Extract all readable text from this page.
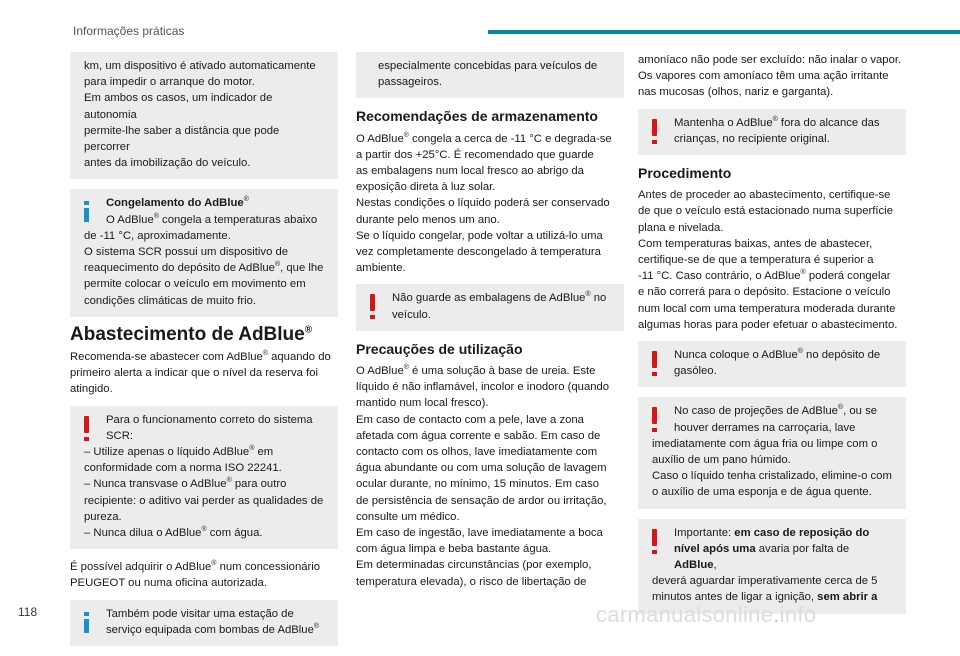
Informações práticas

km, um dispositivo é ativado automaticamente
para impedir o arranque do motor.
Em ambos os casos, um indicador de autonomia
permite-lhe saber a distância que pode percorrer
antes da imobilização do veículo.

Congelamento do AdBlue®
O AdBlue® congela a temperaturas abaixo
de -11 °C, aproximadamente.
O sistema SCR possui um dispositivo de
reaquecimento do depósito de AdBlue®, que lhe
permite colocar o veículo em movimento em
condições climáticas de muito frio.

Abastecimento de AdBlue®

Recomenda-se abastecer com AdBlue® aquando do
primeiro alerta a indicar que o nível da reserva foi
atingido.

Para o funcionamento correto do sistema
SCR:
– Utilize apenas o líquido AdBlue® em
conformidade com a norma ISO 22241.
– Nunca transvase o AdBlue® para outro
recipiente: o aditivo vai perder as qualidades de
pureza.
– Nunca dilua o AdBlue® com água.

É possível adquirir o AdBlue® num concessionário
PEUGEOT ou numa oficina autorizada.

Também pode visitar uma estação de
serviço equipada com bombas de AdBlue®

especialmente concebidas para veículos de
passageiros.

Recomendações de armazenamento

O AdBlue® congela a cerca de -11 °C e degrada-se
a partir dos +25°C. É recomendado que guarde
as embalagens num local fresco ao abrigo da
exposição direta à luz solar.
Nestas condições o líquido poderá ser conservado
durante pelo menos um ano.
Se o líquido congelar, pode voltar a utilizá-lo uma
vez completamente descongelado à temperatura
ambiente.

Não guarde as embalagens de AdBlue® no
veículo.

Precauções de utilização

O AdBlue® é uma solução à base de ureia. Este
líquido é não inflamável, incolor e inodoro (quando
mantido num local fresco).
Em caso de contacto com a pele, lave a zona
afetada com água corrente e sabão. Em caso de
contacto com os olhos, lave imediatamente com
água abundante ou com uma solução de lavagem
ocular durante, no mínimo, 15 minutos. Em caso
de persistência de sensação de ardor ou irritação,
consulte um médico.
Em caso de ingestão, lave imediatamente a boca
com água limpa e beba bastante água.
Em determinadas circunstâncias (por exemplo,
temperatura elevada), o risco de libertação de

amoníaco não pode ser excluído: não inalar o vapor.
Os vapores com amoníaco têm uma ação irritante
nas mucosas (olhos, nariz e garganta).

Mantenha o AdBlue® fora do alcance das
crianças, no recipiente original.

Procedimento

Antes de proceder ao abastecimento, certifique-se
de que o veículo está estacionado numa superfície
plana e nivelada.
Com temperaturas baixas, antes de abastecer,
certifique-se de que a temperatura é superior a
-11 °C. Caso contrário, o AdBlue® poderá congelar
e não correrá para o depósito. Estacione o veículo
num local com uma temperatura moderada durante
algumas horas para poder efetuar o abastecimento.

Nunca coloque o AdBlue® no depósito de
gasóleo.

No caso de projeções de AdBlue®, ou se
houver derrames na carroçaria, lave
imediatamente com água fria ou limpe com o
auxílio de um pano húmido.
Caso o líquido tenha cristalizado, elimine-o com
o auxílio de uma esponja e de água quente.

Importante: em caso de reposição do
nível após uma avaria por falta de AdBlue,
deverá aguardar imperativamente cerca de 5
minutos antes de ligar a ignição, sem abrir a

118	carmanualsonline.info
